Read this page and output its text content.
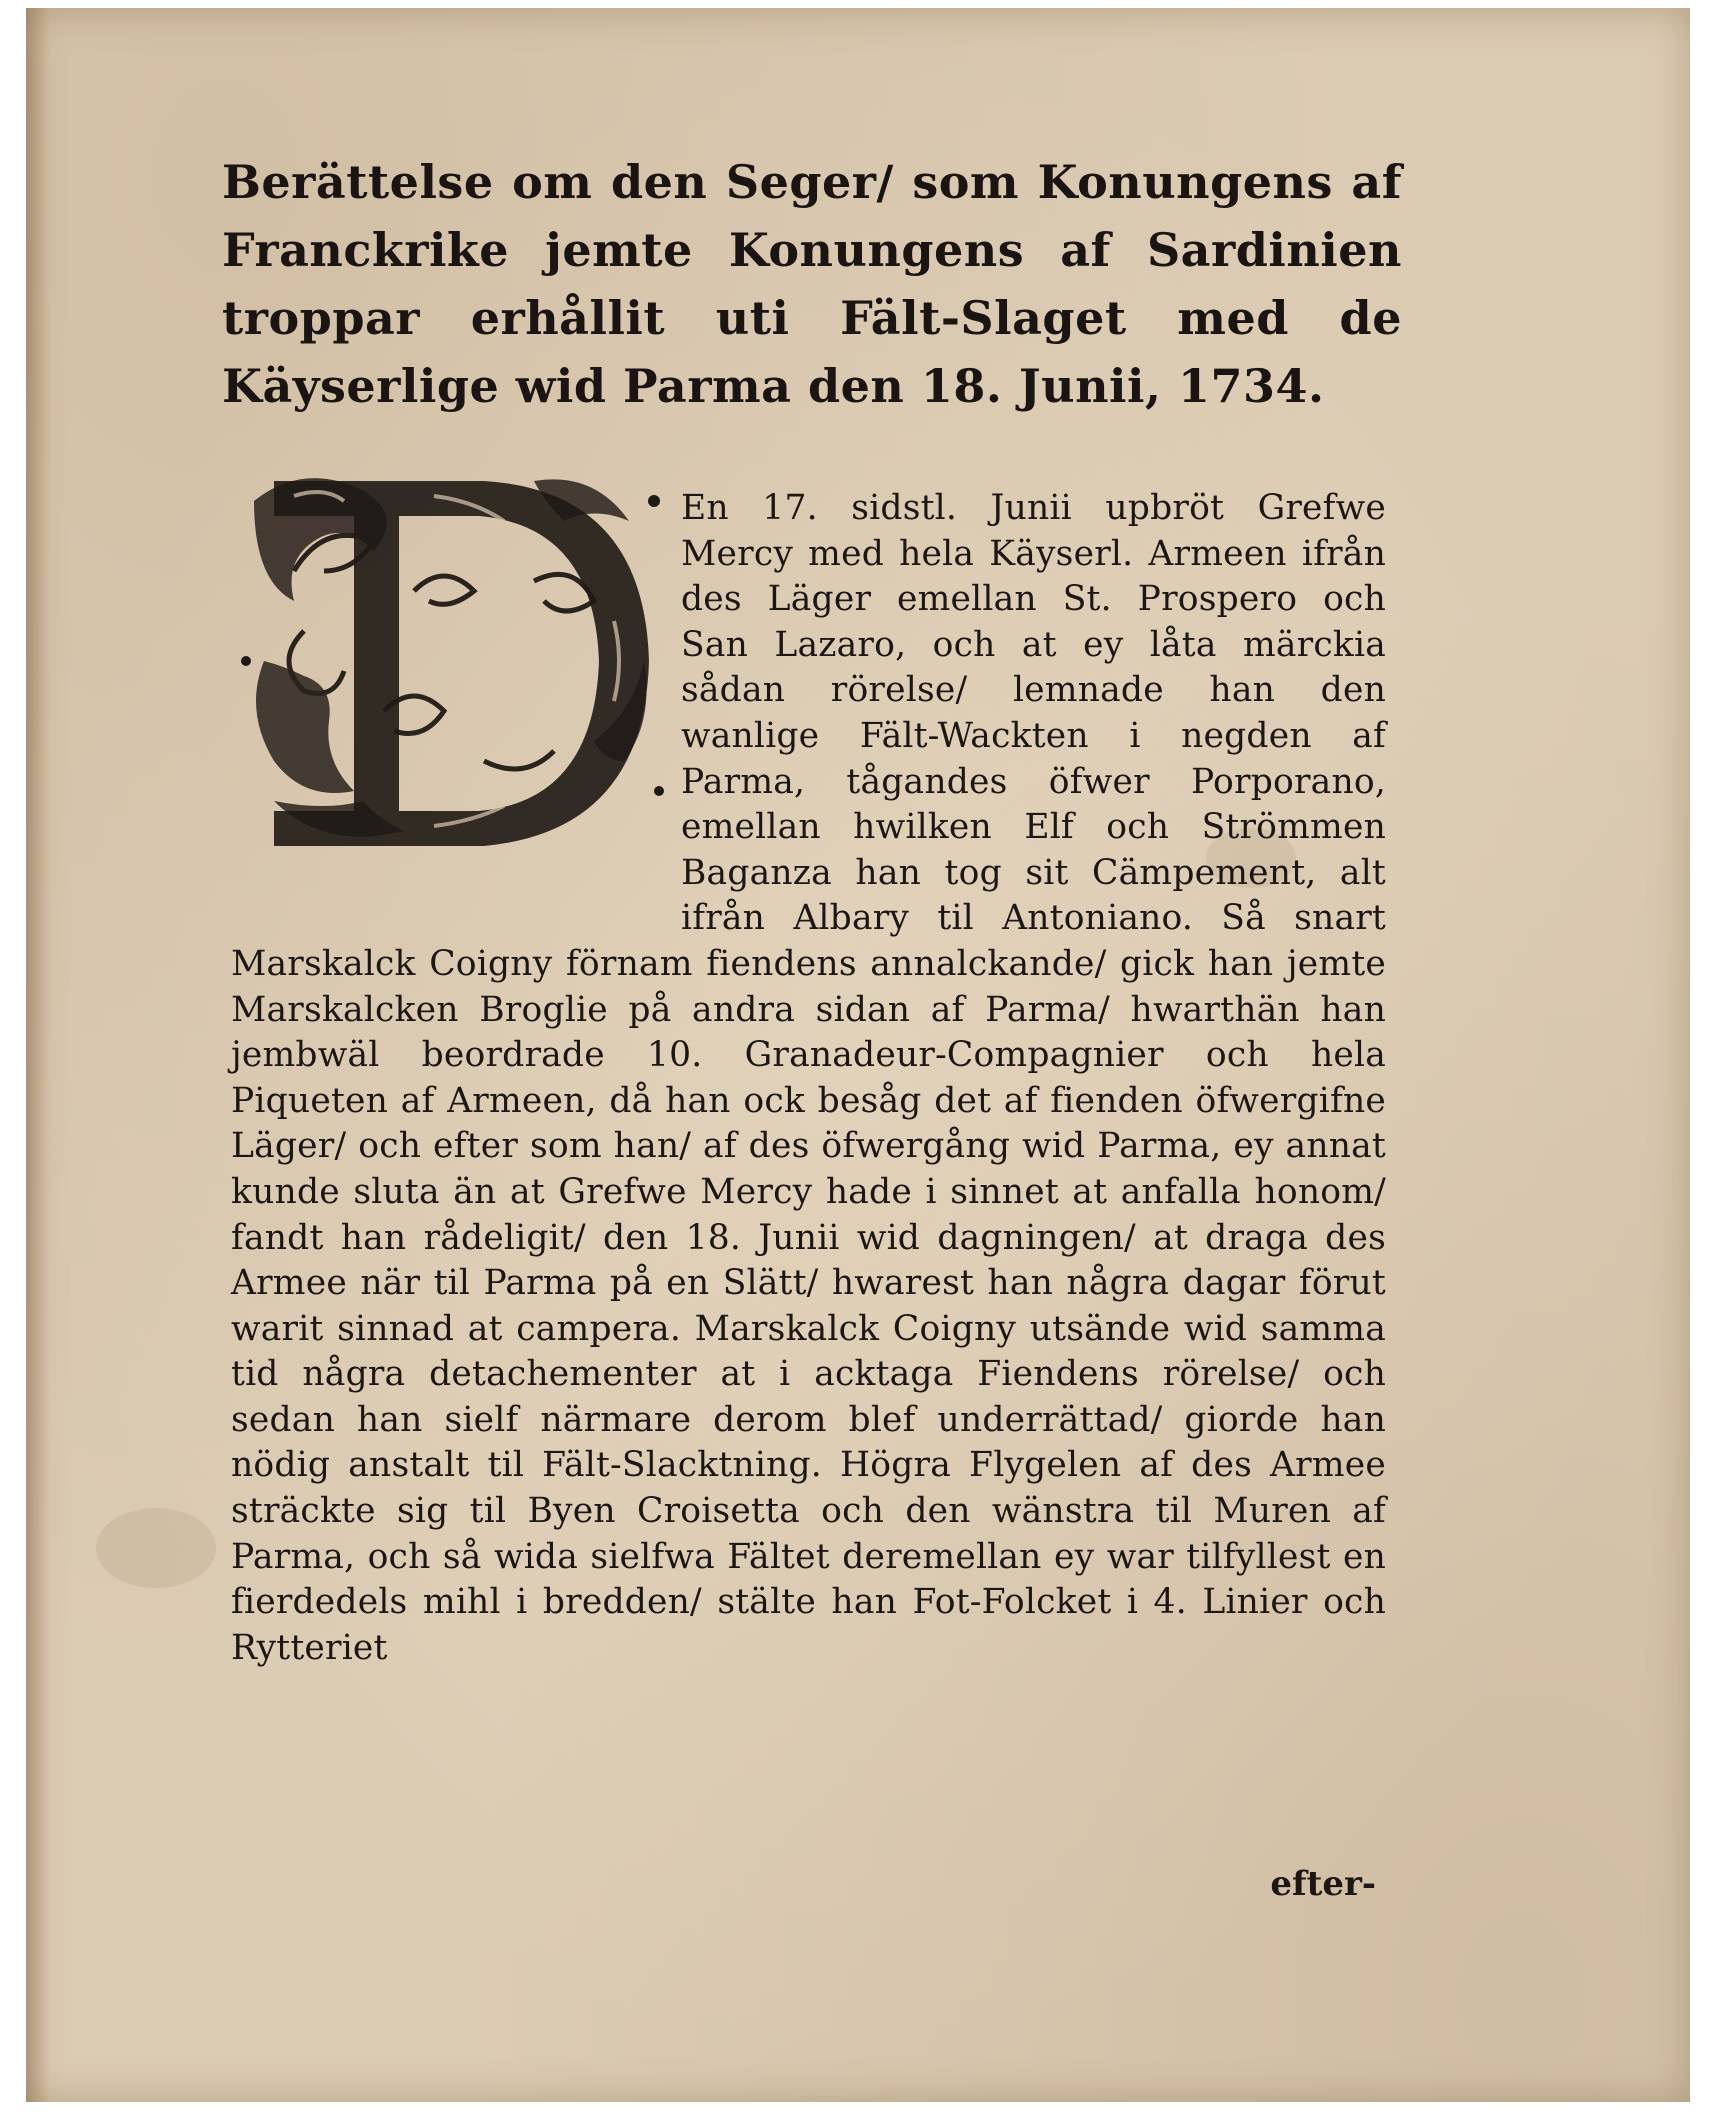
Berättelse om den Seger/ som Konungens af Franckrike jemte Konungens af Sardinien troppar erhållit uti Fält-Slaget med de Käyserlige wid Parma den 18. Junii, 1734.
En 17. sidstl. Junii upbröt Grefwe Mercy med hela Käyserl. Armeen ifrån des Läger emellan St. Prospero och San Lazaro, och at ey låta märckia sådan rörelse/ lemnade han den wanlige Fält-Wackten i negden af Parma, tågandes öfwer Porporano, emellan hwilken Elf och Strömmen Baganza han tog sit Cämpement, alt ifrån Albary til Antoniano. Så snart Marskalck Coigny förnam fiendens annalckande/ gick han jemte Marskalcken Broglie på andra sidan af Parma/ hwarthän han jembwäl beordrade 10. Granadeur-Compagnier och hela Piqueten af Armeen, då han ock besåg det af fienden öfwergifne Läger/ och efter som han/ af des öfwergång wid Parma, ey annat kunde sluta än at Grefwe Mercy hade i sinnet at anfalla honom/ fandt han rådeligit/ den 18. Junii wid dagningen/ at draga des Armee när til Parma på en Slätt/ hwarest han några dagar förut warit sinnad at campera. Marskalck Coigny utsände wid samma tid några detachementer at i acktaga Fiendens rörelse/ och sedan han sielf närmare derom blef underrättad/ giorde han nödig anstalt til Fält-Slacktning. Högra Flygelen af des Armee sträckte sig til Byen Croisetta och den wänstra til Muren af Parma, och så wida sielfwa Fältet deremellan ey war tilfyllest en fierdedels mihl i bredden/ stälte han Fot-Folcket i 4. Linier och Rytteriet
efter-
